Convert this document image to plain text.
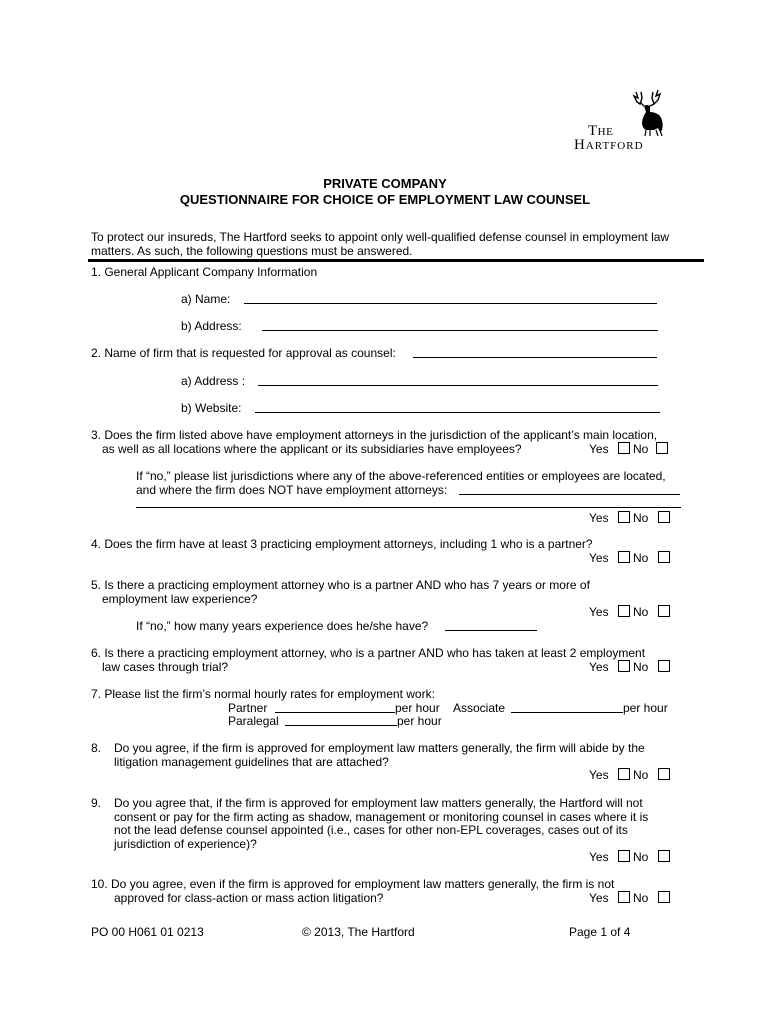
The
Hartford
PRIVATE COMPANY
QUESTIONNAIRE FOR CHOICE OF EMPLOYMENT LAW COUNSEL
To protect our insureds, The Hartford seeks to appoint only well-qualified defense counsel in employment law
matters. As such, the following questions must be answered.
1. General Applicant Company Information
a) Name:
b) Address:
2. Name of firm that is requested for approval as counsel:
a) Address :
b) Website:
3. Does the firm listed above have employment attorneys in the jurisdiction of the applicant’s main location,
as well as all locations where the applicant or its subsidiaries have employees?	Yes No
If “no,” please list jurisdictions where any of the above-referenced entities or employees are located,
and where the firm does NOT have employment attorneys:
Yes No
4. Does the firm have at least 3 practicing employment attorneys, including 1 who is a partner?
Yes No
5. Is there a practicing employment attorney who is a partner AND who has 7 years or more of
employment law experience?
Yes No
If “no,” how many years experience does he/she have?
6. Is there a practicing employment attorney, who is a partner AND who has taken at least 2 employment
law cases through trial?	Yes No
7. Please list the firm’s normal hourly rates for employment work:
Partner	per hour Associate	per hour
Paralegal	per hour
8. Do you agree, if the firm is approved for employment law matters generally, the firm will abide by the
litigation management guidelines that are attached?
Yes No
9. Do you agree that, if the firm is approved for employment law matters generally, the Hartford will not
consent or pay for the firm acting as shadow, management or monitoring counsel in cases where it is
not the lead defense counsel appointed (i.e., cases for other non-EPL coverages, cases out of its
jurisdiction of experience)?
Yes No
10. Do you agree, even if the firm is approved for employment law matters generally, the firm is not
approved for class-action or mass action litigation?	Yes No
PO 00 H061 01 0213	© 2013, The Hartford	Page 1 of 4
